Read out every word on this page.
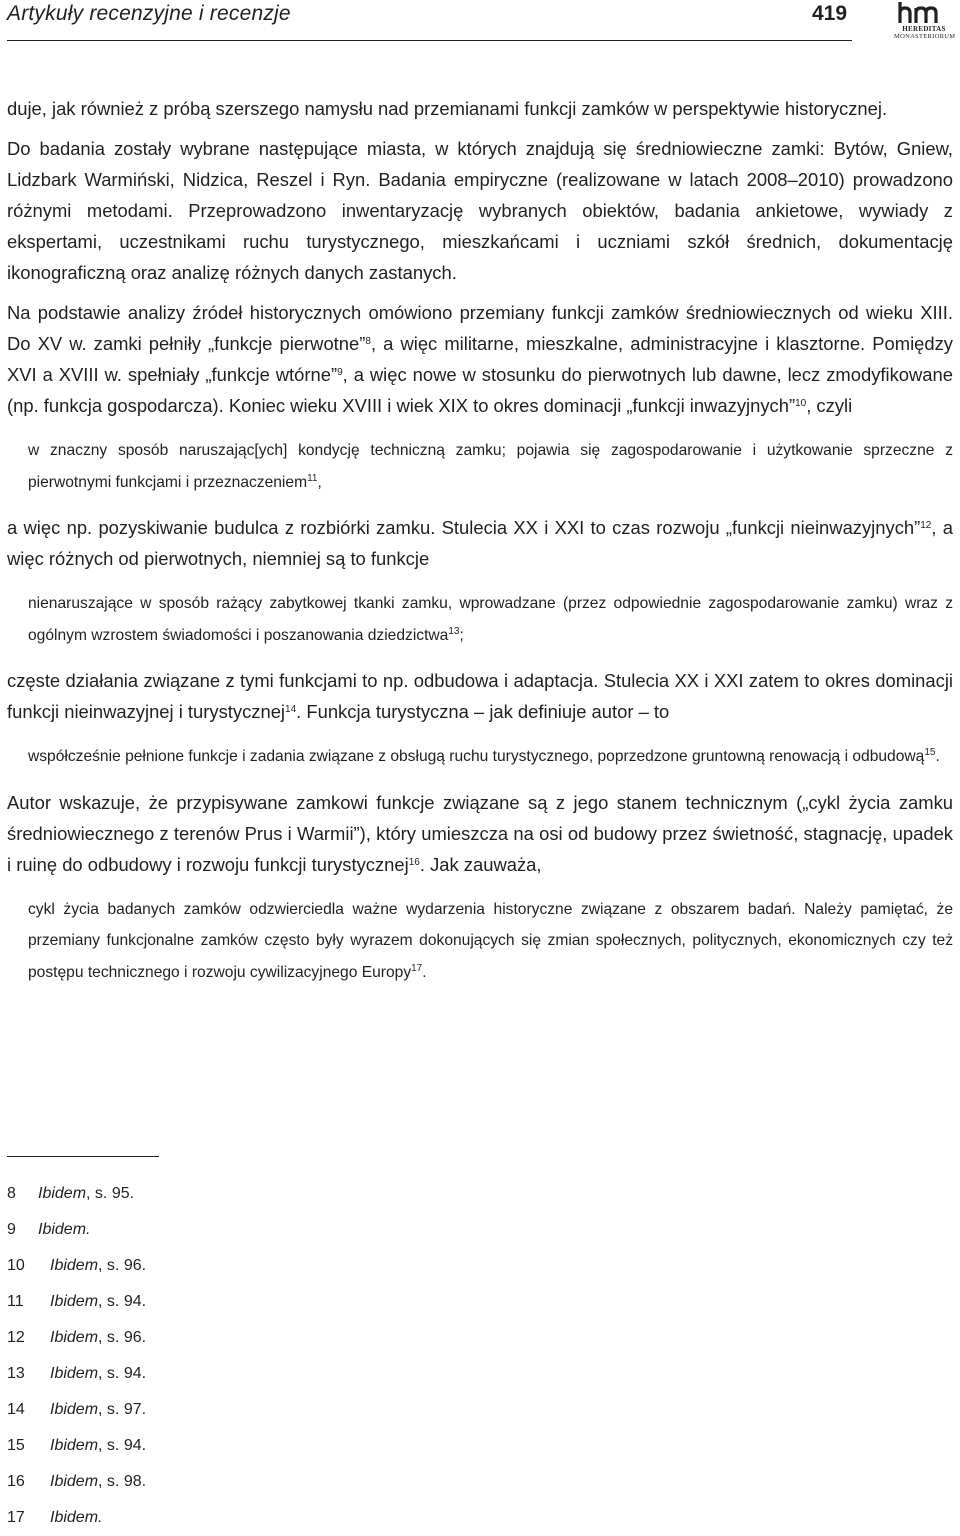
Artykuły recenzyjne i recenzje	419
HEREDITAS
MONASTERIORUM

duje, jak również z próbą szerszego namysłu nad przemianami funkcji zamków w perspektywie historycznej.

Do badania zostały wybrane następujące miasta, w których znajdują się średniowieczne zamki: Bytów, Gniew, Lidzbark Warmiński, Nidzica, Reszel i Ryn. Badania empiryczne (realizowane w latach 2008–2010) prowadzono różnymi metodami. Przeprowadzono inwentaryzację wybranych obiektów, badania ankietowe, wywiady z ekspertami, uczestnikami ruchu turystycznego, mieszkańcami i uczniami szkół średnich, dokumentację ikonograficzną oraz analizę różnych danych zastanych.

Na podstawie analizy źródeł historycznych omówiono przemiany funkcji zamków średniowiecznych od wieku XIII. Do XV w. zamki pełniły „funkcje pierwotne”$^8$, a więc militarne, mieszkalne, administracyjne i klasztorne. Pomiędzy XVI a XVIII w. spełniały „funkcje wtórne”$^9$, a więc nowe w stosunku do pierwotnych lub dawne, lecz zmodyfikowane (np. funkcja gospodarcza). Koniec wieku XVIII i wiek XIX to okres dominacji „funkcji inwazyjnych”$^{10}$, czyli

w znaczny sposób naruszając[ych] kondycję techniczną zamku; pojawia się zagospodarowanie i użytkowanie sprzeczne z pierwotnymi funkcjami i przeznaczeniem$^{11}$,

a więc np. pozyskiwanie budulca z rozbiórki zamku. Stulecia XX i XXI to czas rozwoju „funkcji nieinwazyjnych”$^{12}$, a więc różnych od pierwotnych, niemniej są to funkcje

nienaruszające w sposób rażący zabytkowej tkanki zamku, wprowadzane (przez odpowiednie zagospodarowanie zamku) wraz z ogólnym wzrostem świadomości i poszanowania dziedzictwa$^{13}$;

częste działania związane z tymi funkcjami to np. odbudowa i adaptacja. Stulecia XX i XXI zatem to okres dominacji funkcji nieinwazyjnej i turystycznej$^{14}$. Funkcja turystyczna – jak definiuje autor – to

współcześnie pełnione funkcje i zadania związane z obsługą ruchu turystycznego, poprzedzone gruntowną renowacją i odbudową$^{15}$.

Autor wskazuje, że przypisywane zamkowi funkcje związane są z jego stanem technicznym („cykl życia zamku średniowiecznego z terenów Prus i Warmii”), który umieszcza na osi od budowy przez świetność, stagnację, upadek i ruinę do odbudowy i rozwoju funkcji turystycznej$^{16}$. Jak zauważa,

cykl życia badanych zamków odzwierciedla ważne wydarzenia historyczne związane z obszarem badań. Należy pamiętać, że przemiany funkcjonalne zamków często były wyrazem dokonujących się zmian społecznych, politycznych, ekonomicznych czy też postępu technicznego i rozwoju cywilizacyjnego Europy$^{17}$.

8 Ibidem, s. 95.
9 Ibidem.
10 Ibidem, s. 96.
11 Ibidem, s. 94.
12 Ibidem, s. 96.
13 Ibidem, s. 94.
14 Ibidem, s. 97.
15 Ibidem, s. 94.
16 Ibidem, s. 98.
17 Ibidem.
